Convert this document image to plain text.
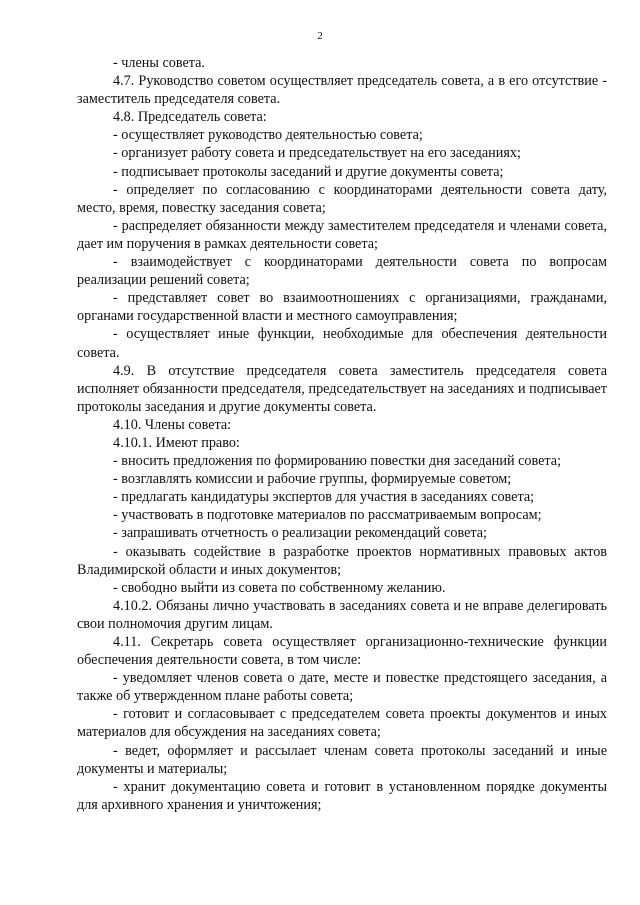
2

- члены совета.

4.7. Руководство советом осуществляет председатель совета, а в его отсутствие - заместитель председателя совета.

4.8. Председатель совета:

- осуществляет руководство деятельностью совета;

- организует работу совета и председательствует на его заседаниях;

- подписывает протоколы заседаний и другие документы совета;

- определяет по согласованию с координаторами деятельности совета дату, место, время, повестку заседания совета;

- распределяет обязанности между заместителем председателя и членами совета, дает им поручения в рамках деятельности совета;

- взаимодействует с координаторами деятельности совета по вопросам реализации решений совета;

- представляет совет во взаимоотношениях с организациями, гражданами, органами государственной власти и местного самоуправления;

- осуществляет иные функции, необходимые для обеспечения деятельности совета.

4.9. В отсутствие председателя совета заместитель председателя совета исполняет обязанности председателя, председательствует на заседаниях и подписывает протоколы заседания и другие документы совета.

4.10. Члены совета:

4.10.1. Имеют право:

- вносить предложения по формированию повестки дня заседаний совета;

- возглавлять комиссии и рабочие группы, формируемые советом;

- предлагать кандидатуры экспертов для участия в заседаниях совета;

- участвовать в подготовке материалов по рассматриваемым вопросам;

- запрашивать отчетность о реализации рекомендаций совета;

- оказывать содействие в разработке проектов нормативных правовых актов Владимирской области и иных документов;

- свободно выйти из совета по собственному желанию.

4.10.2. Обязаны лично участвовать в заседаниях совета и не вправе делегировать свои полномочия другим лицам.

4.11. Секретарь совета осуществляет организационно-технические функции обеспечения деятельности совета, в том числе:

- уведомляет членов совета о дате, месте и повестке предстоящего заседания, а также об утвержденном плане работы совета;

- готовит и согласовывает с председателем совета проекты документов и иных материалов для обсуждения на заседаниях совета;

- ведет, оформляет и рассылает членам совета протоколы заседаний и иные документы и материалы;

- хранит документацию совета и готовит в установленном порядке документы для архивного хранения и уничтожения;
